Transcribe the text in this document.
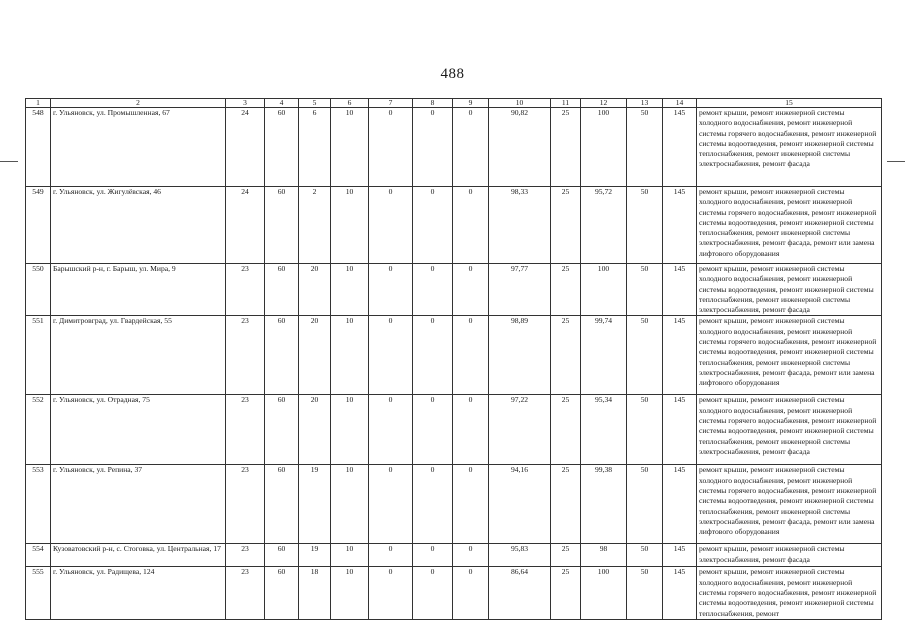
488
1	2	3	4	5	6	7	8	9	10	11	12	13	14	15
548	г. Ульяновск, ул. Промышленная, 67	24	60	6	10	0	0	0	90,82	25	100	50	145	ремонт крыши, ремонт инженерной системы холодного водоснабжения, ремонт инженерной системы горячего водоснабжения, ремонт инженерной системы водоотведения, ремонт инженерной системы теплоснабжения, ремонт инженерной системы электроснабжения, ремонт фасада
549	г. Ульяновск, ул. Жигулёвская, 46	24	60	2	10	0	0	0	98,33	25	95,72	50	145	ремонт крыши, ремонт инженерной системы холодного водоснабжения, ремонт инженерной системы горячего водоснабжения, ремонт инженерной системы водоотведения, ремонт инженерной системы теплоснабжения, ремонт инженерной системы электроснабжения, ремонт фасада, ремонт или замена лифтового оборудования
550	Барышский р-н, г. Барыш, ул. Мира, 9	23	60	20	10	0	0	0	97,77	25	100	50	145	ремонт крыши, ремонт инженерной системы холодного водоснабжения, ремонт инженерной системы водоотведения, ремонт инженерной системы теплоснабжения, ремонт инженерной системы электроснабжения, ремонт фасада
551	г. Димитровград, ул. Гвардейская, 55	23	60	20	10	0	0	0	98,89	25	99,74	50	145	ремонт крыши, ремонт инженерной системы холодного водоснабжения, ремонт инженерной системы горячего водоснабжения, ремонт инженерной системы водоотведения, ремонт инженерной системы теплоснабжения, ремонт инженерной системы электроснабжения, ремонт фасада, ремонт или замена лифтового оборудования
552	г. Ульяновск, ул. Отрадная, 75	23	60	20	10	0	0	0	97,22	25	95,34	50	145	ремонт крыши, ремонт инженерной системы холодного водоснабжения, ремонт инженерной системы горячего водоснабжения, ремонт инженерной системы водоотведения, ремонт инженерной системы теплоснабжения, ремонт инженерной системы электроснабжения, ремонт фасада
553	г. Ульяновск, ул. Репина, 37	23	60	19	10	0	0	0	94,16	25	99,38	50	145	ремонт крыши, ремонт инженерной системы холодного водоснабжения, ремонт инженерной системы горячего водоснабжения, ремонт инженерной системы водоотведения, ремонт инженерной системы теплоснабжения, ремонт инженерной системы электроснабжения, ремонт фасада, ремонт или замена лифтового оборудования
554	Кузоватовский р-н, с. Стоговка, ул. Центральная, 17	23	60	19	10	0	0	0	95,83	25	98	50	145	ремонт крыши, ремонт инженерной системы электроснабжения, ремонт фасада
555	г. Ульяновск, ул. Радищева, 124	23	60	18	10	0	0	0	86,64	25	100	50	145	ремонт крыши, ремонт инженерной системы холодного водоснабжения, ремонт инженерной системы горячего водоснабжения, ремонт инженерной системы водоотведения, ремонт инженерной системы теплоснабжения, ремонт
